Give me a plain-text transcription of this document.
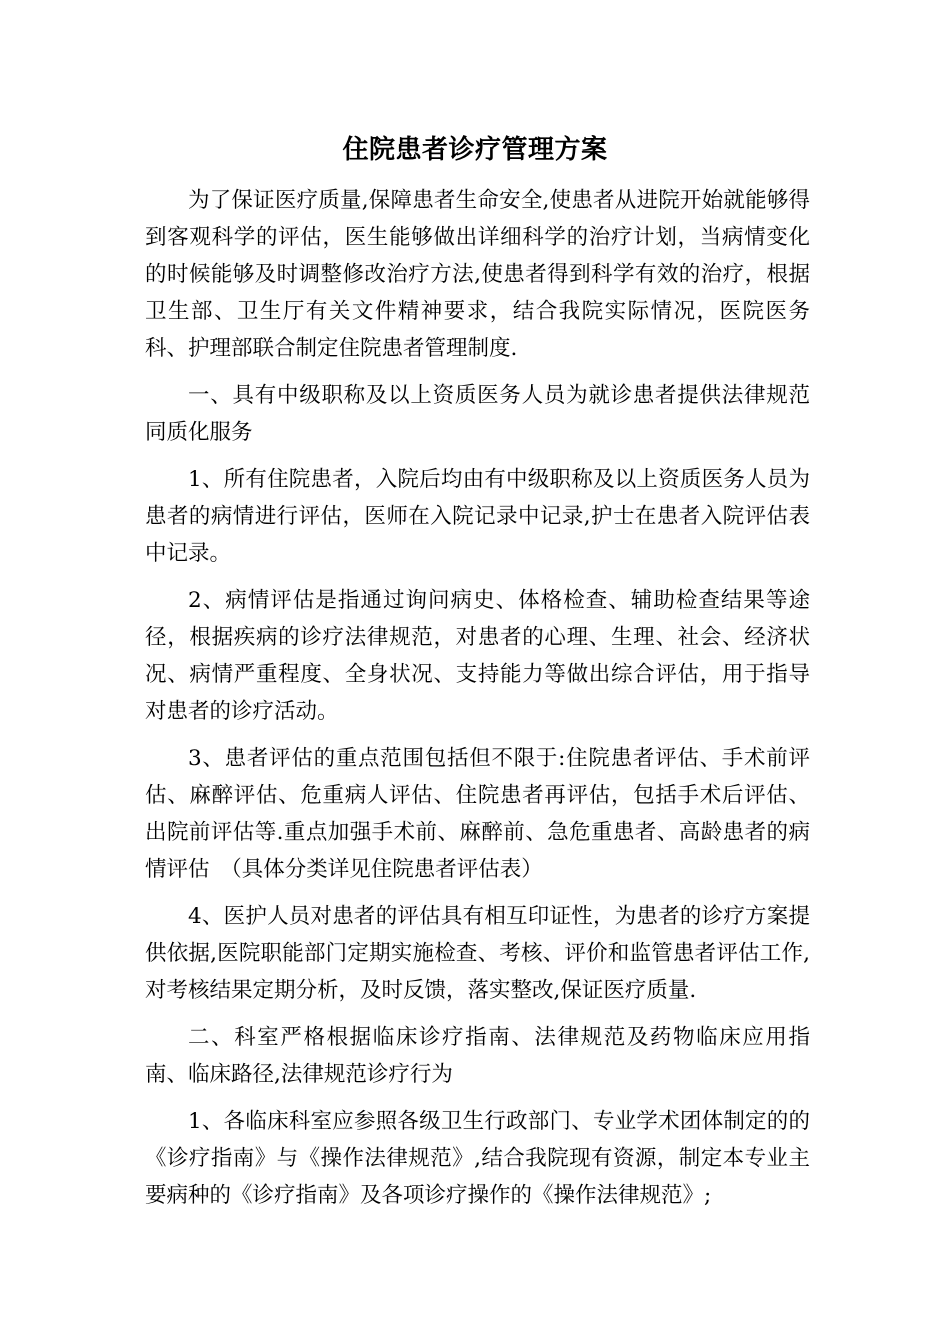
住院患者诊疗管理方案

为了保证医疗质量,保障患者生命安全,使患者从进院开始就能够得到客观科学的评估，医生能够做出详细科学的治疗计划，当病情变化的时候能够及时调整修改治疗方法,使患者得到科学有效的治疗，根据卫生部、卫生厅有关文件精神要求，结合我院实际情况，医院医务科、护理部联合制定住院患者管理制度.

一、具有中级职称及以上资质医务人员为就诊患者提供法律规范同质化服务

1、所有住院患者，入院后均由有中级职称及以上资质医务人员为患者的病情进行评估，医师在入院记录中记录,护士在患者入院评估表中记录。

2、病情评估是指通过询问病史、体格检查、辅助检查结果等途径，根据疾病的诊疗法律规范，对患者的心理、生理、社会、经济状况、病情严重程度、全身状况、支持能力等做出综合评估，用于指导对患者的诊疗活动。

3、患者评估的重点范围包括但不限于:住院患者评估、手术前评估、麻醉评估、危重病人评估、住院患者再评估，包括手术后评估、出院前评估等.重点加强手术前、麻醉前、急危重患者、高龄患者的病情评估　（具体分类详见住院患者评估表）

4、医护人员对患者的评估具有相互印证性，为患者的诊疗方案提供依据,医院职能部门定期实施检查、考核、评价和监管患者评估工作,对考核结果定期分析，及时反馈，落实整改,保证医疗质量.

二、科室严格根据临床诊疗指南、法律规范及药物临床应用指南、临床路径,法律规范诊疗行为

1、各临床科室应参照各级卫生行政部门、专业学术团体制定的的《诊疗指南》与《操作法律规范》,结合我院现有资源，制定本专业主要病种的《诊疗指南》及各项诊疗操作的《操作法律规范》;
